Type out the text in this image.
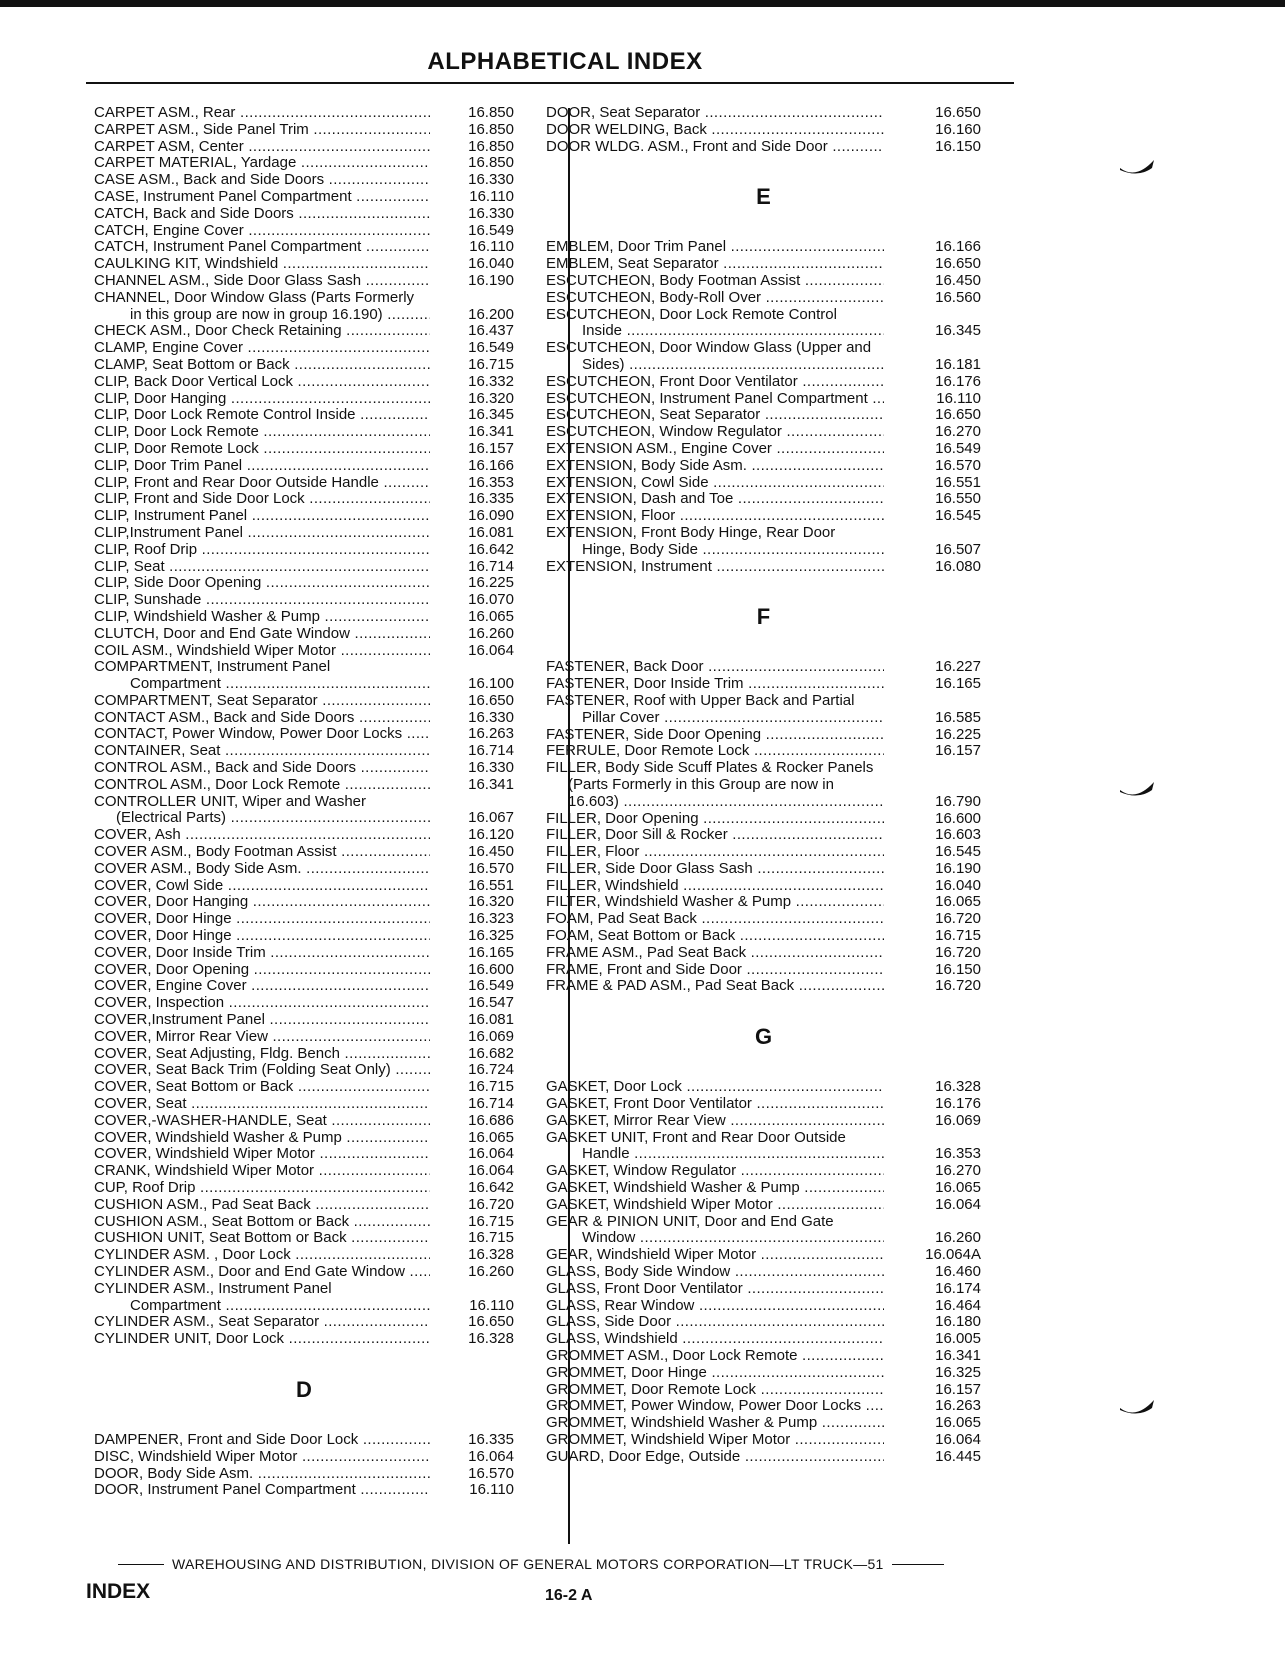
ALPHABETICAL INDEX
CARPET ASM., Rear .....	16.850
CARPET ASM., Side Panel Trim .....	16.850
CARPET ASM, Center .....	16.850
CARPET MATERIAL, Yardage .....	16.850
CASE ASM., Back and Side Doors .....	16.330
CASE, Instrument Panel Compartment .....	16.110
CATCH, Back and Side Doors .....	16.330
CATCH, Engine Cover .....	16.549
CATCH, Instrument Panel Compartment .....	16.110
CAULKING KIT, Windshield .....	16.040
CHANNEL ASM., Side Door Glass Sash .....	16.190
CHANNEL, Door Window Glass (Parts Formerly
in this group are now in group 16.190) .....	16.200
CHECK ASM., Door Check Retaining .....	16.437
CLAMP, Engine Cover .....	16.549
CLAMP, Seat Bottom or Back .....	16.715
CLIP, Back Door Vertical Lock .....	16.332
CLIP, Door Hanging .....	16.320
CLIP, Door Lock Remote Control Inside .....	16.345
CLIP, Door Lock Remote .....	16.341
CLIP, Door Remote Lock .....	16.157
CLIP, Door Trim Panel .....	16.166
CLIP, Front and Rear Door Outside Handle .....	16.353
CLIP, Front and Side Door Lock .....	16.335
CLIP, Instrument Panel .....	16.090
CLIP,Instrument Panel .....	16.081
CLIP, Roof Drip .....	16.642
CLIP, Seat .....	16.714
CLIP, Side Door Opening .....	16.225
CLIP, Sunshade .....	16.070
CLIP, Windshield Washer & Pump .....	16.065
CLUTCH, Door and End Gate Window .....	16.260
COIL ASM., Windshield Wiper Motor .....	16.064
COMPARTMENT, Instrument Panel
Compartment .....	16.100
COMPARTMENT, Seat Separator .....	16.650
CONTACT ASM., Back and Side Doors .....	16.330
CONTACT, Power Window, Power Door Locks .....	16.263
CONTAINER, Seat .....	16.714
CONTROL ASM., Back and Side Doors .....	16.330
CONTROL ASM., Door Lock Remote .....	16.341
CONTROLLER UNIT, Wiper and Washer
(Electrical Parts) .....	16.067
COVER, Ash .....	16.120
COVER ASM., Body Footman Assist .....	16.450
COVER ASM., Body Side Asm. .....	16.570
COVER, Cowl Side .....	16.551
COVER, Door Hanging .....	16.320
COVER, Door Hinge .....	16.323
COVER, Door Hinge .....	16.325
COVER, Door Inside Trim .....	16.165
COVER, Door Opening .....	16.600
COVER, Engine Cover .....	16.549
COVER, Inspection .....	16.547
COVER,Instrument Panel .....	16.081
COVER, Mirror Rear View .....	16.069
COVER, Seat Adjusting, Fldg. Bench .....	16.682
COVER, Seat Back Trim (Folding Seat Only) .....	16.724
COVER, Seat Bottom or Back .....	16.715
COVER, Seat .....	16.714
COVER,-WASHER-HANDLE, Seat .....	16.686
COVER, Windshield Washer & Pump .....	16.065
COVER, Windshield Wiper Motor .....	16.064
CRANK, Windshield Wiper Motor .....	16.064
CUP, Roof Drip .....	16.642
CUSHION ASM., Pad Seat Back .....	16.720
CUSHION ASM., Seat Bottom or Back .....	16.715
CUSHION UNIT, Seat Bottom or Back .....	16.715
CYLINDER ASM. , Door Lock .....	16.328
CYLINDER ASM., Door and End Gate Window .....	16.260
CYLINDER ASM., Instrument Panel
Compartment .....	16.110
CYLINDER ASM., Seat Separator .....	16.650
CYLINDER UNIT, Door Lock .....	16.328
D
DAMPENER, Front and Side Door Lock .....	16.335
DISC, Windshield Wiper Motor .....	16.064
DOOR, Body Side Asm. .....	16.570
DOOR, Instrument Panel Compartment .....	16.110
DOOR, Seat Separator .....	16.650
DOOR WELDING, Back .....	16.160
DOOR WLDG. ASM., Front and Side Door .....	16.150
E
EMBLEM, Door Trim Panel .....	16.166
EMBLEM, Seat Separator .....	16.650
ESCUTCHEON, Body Footman Assist .....	16.450
ESCUTCHEON, Body-Roll Over .....	16.560
ESCUTCHEON, Door Lock Remote Control
Inside .....	16.345
ESCUTCHEON, Door Window Glass (Upper and
Sides) .....	16.181
ESCUTCHEON, Front Door Ventilator .....	16.176
ESCUTCHEON, Instrument Panel Compartment .....	16.110
ESCUTCHEON, Seat Separator .....	16.650
ESCUTCHEON, Window Regulator .....	16.270
EXTENSION ASM., Engine Cover .....	16.549
EXTENSION, Body Side Asm. .....	16.570
EXTENSION, Cowl Side .....	16.551
EXTENSION, Dash and Toe .....	16.550
EXTENSION, Floor .....	16.545
EXTENSION, Front Body Hinge, Rear Door
Hinge, Body Side .....	16.507
EXTENSION, Instrument .....	16.080
F
FASTENER, Back Door .....	16.227
FASTENER, Door Inside Trim .....	16.165
FASTENER, Roof with Upper Back and Partial
Pillar Cover .....	16.585
FASTENER, Side Door Opening .....	16.225
FERRULE, Door Remote Lock .....	16.157
FILLER, Body Side Scuff Plates & Rocker Panels
(Parts Formerly in this Group are now in
16.603) .....	16.790
FILLER, Door Opening .....	16.600
FILLER, Door Sill & Rocker .....	16.603
FILLER, Floor .....	16.545
FILLER, Side Door Glass Sash .....	16.190
FILLER, Windshield .....	16.040
FILTER, Windshield Washer & Pump .....	16.065
FOAM, Pad Seat Back .....	16.720
FOAM, Seat Bottom or Back .....	16.715
FRAME ASM., Pad Seat Back .....	16.720
FRAME, Front and Side Door .....	16.150
FRAME & PAD ASM., Pad Seat Back .....	16.720
G
GASKET, Door Lock .....	16.328
GASKET, Front Door Ventilator .....	16.176
GASKET, Mirror Rear View .....	16.069
GASKET UNIT, Front and Rear Door Outside
Handle .....	16.353
GASKET, Window Regulator .....	16.270
GASKET, Windshield Washer & Pump .....	16.065
GASKET, Windshield Wiper Motor .....	16.064
GEAR & PINION UNIT, Door and End Gate
Window .....	16.260
GEAR, Windshield Wiper Motor .....	16.064A
GLASS, Body Side Window .....	16.460
GLASS, Front Door Ventilator .....	16.174
GLASS, Rear Window .....	16.464
GLASS, Side Door .....	16.180
GLASS, Windshield .....	16.005
GROMMET ASM., Door Lock Remote .....	16.341
GROMMET, Door Hinge .....	16.325
GROMMET, Door Remote Lock .....	16.157
GROMMET, Power Window, Power Door Locks .....	16.263
GROMMET, Windshield Washer & Pump .....	16.065
GROMMET, Windshield Wiper Motor .....	16.064
GUARD, Door Edge, Outside .....	16.445
WAREHOUSING AND DISTRIBUTION, DIVISION OF GENERAL MOTORS CORPORATION—LT TRUCK—51
INDEX	16-2 A
